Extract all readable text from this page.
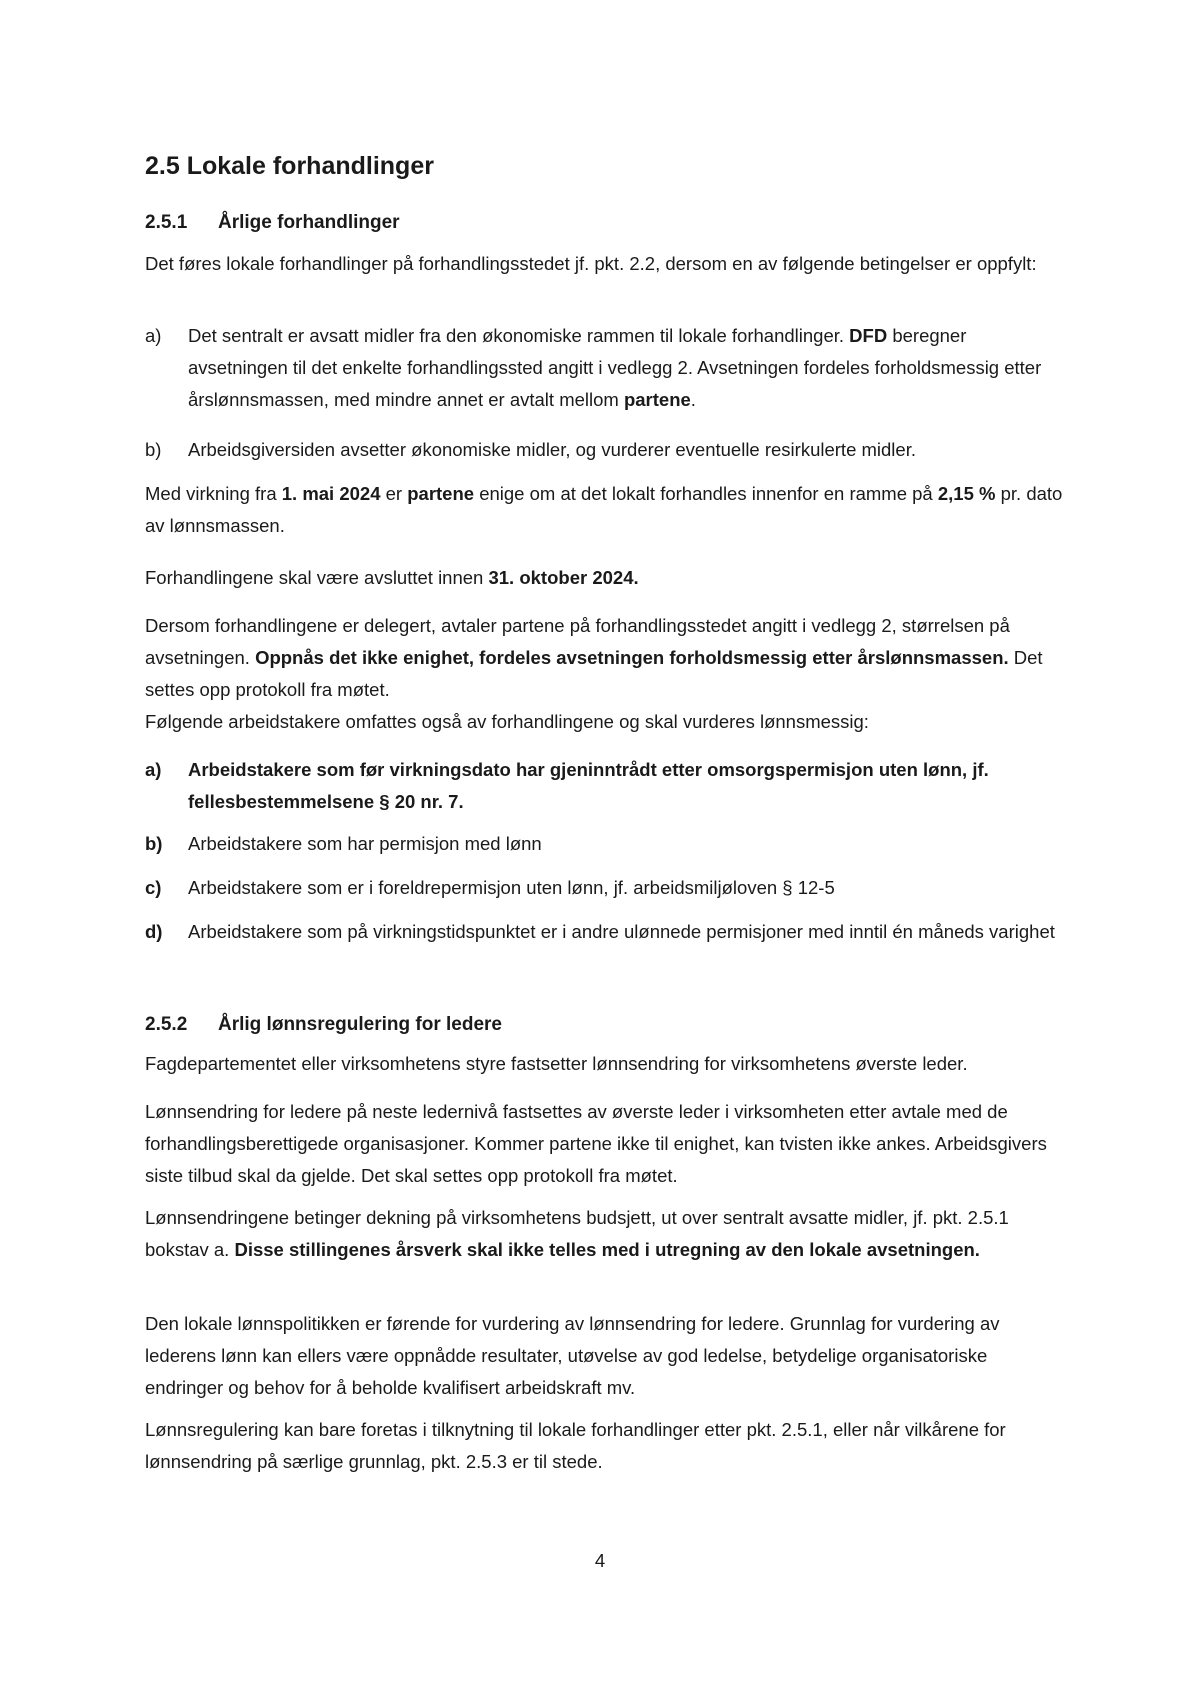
2.5 Lokale forhandlinger
2.5.1 Årlige forhandlinger

Det føres lokale forhandlinger på forhandlingsstedet jf. pkt. 2.2, dersom en av følgende betingelser er oppfylt:

a) Det sentralt er avsatt midler fra den økonomiske rammen til lokale forhandlinger. DFD beregner avsetningen til det enkelte forhandlingssted angitt i vedlegg 2. Avsetningen fordeles forholdsmessig etter årslønnsmassen, med mindre annet er avtalt mellom partene.
b) Arbeidsgiversiden avsetter økonomiske midler, og vurderer eventuelle resirkulerte midler.

Med virkning fra 1. mai 2024 er partene enige om at det lokalt forhandles innenfor en ramme på 2,15 % pr. dato av lønnsmassen.

Forhandlingene skal være avsluttet innen 31. oktober 2024.

Dersom forhandlingene er delegert, avtaler partene på forhandlingsstedet angitt i vedlegg 2, størrelsen på avsetningen. Oppnås det ikke enighet, fordeles avsetningen forholdsmessig etter årslønnsmassen. Det settes opp protokoll fra møtet.

Følgende arbeidstakere omfattes også av forhandlingene og skal vurderes lønnsmessig:

a) Arbeidstakere som før virkningsdato har gjeninntrådt etter omsorgspermisjon uten lønn, jf. fellesbestemmelsene § 20 nr. 7.
b) Arbeidstakere som har permisjon med lønn
c) Arbeidstakere som er i foreldrepermisjon uten lønn, jf. arbeidsmiljøloven § 12-5
d) Arbeidstakere som på virkningstidspunktet er i andre ulønnede permisjoner med inntil én måneds varighet
2.5.2 Årlig lønnsregulering for ledere

Fagdepartementet eller virksomhetens styre fastsetter lønnsendring for virksomhetens øverste leder.

Lønnsendring for ledere på neste ledernivå fastsettes av øverste leder i virksomheten etter avtale med de forhandlingsberettigede organisasjoner. Kommer partene ikke til enighet, kan tvisten ikke ankes. Arbeidsgivers siste tilbud skal da gjelde. Det skal settes opp protokoll fra møtet.

Lønnsendringene betinger dekning på virksomhetens budsjett, ut over sentralt avsatte midler, jf. pkt. 2.5.1 bokstav a. Disse stillingenes årsverk skal ikke telles med i utregning av den lokale avsetningen.

Den lokale lønnspolitikken er førende for vurdering av lønnsendring for ledere. Grunnlag for vurdering av lederens lønn kan ellers være oppnådde resultater, utøvelse av god ledelse, betydelige organisatoriske endringer og behov for å beholde kvalifisert arbeidskraft mv.

Lønnsregulering kan bare foretas i tilknytning til lokale forhandlinger etter pkt. 2.5.1, eller når vilkårene for lønnsendring på særlige grunnlag, pkt. 2.5.3 er til stede.

4
